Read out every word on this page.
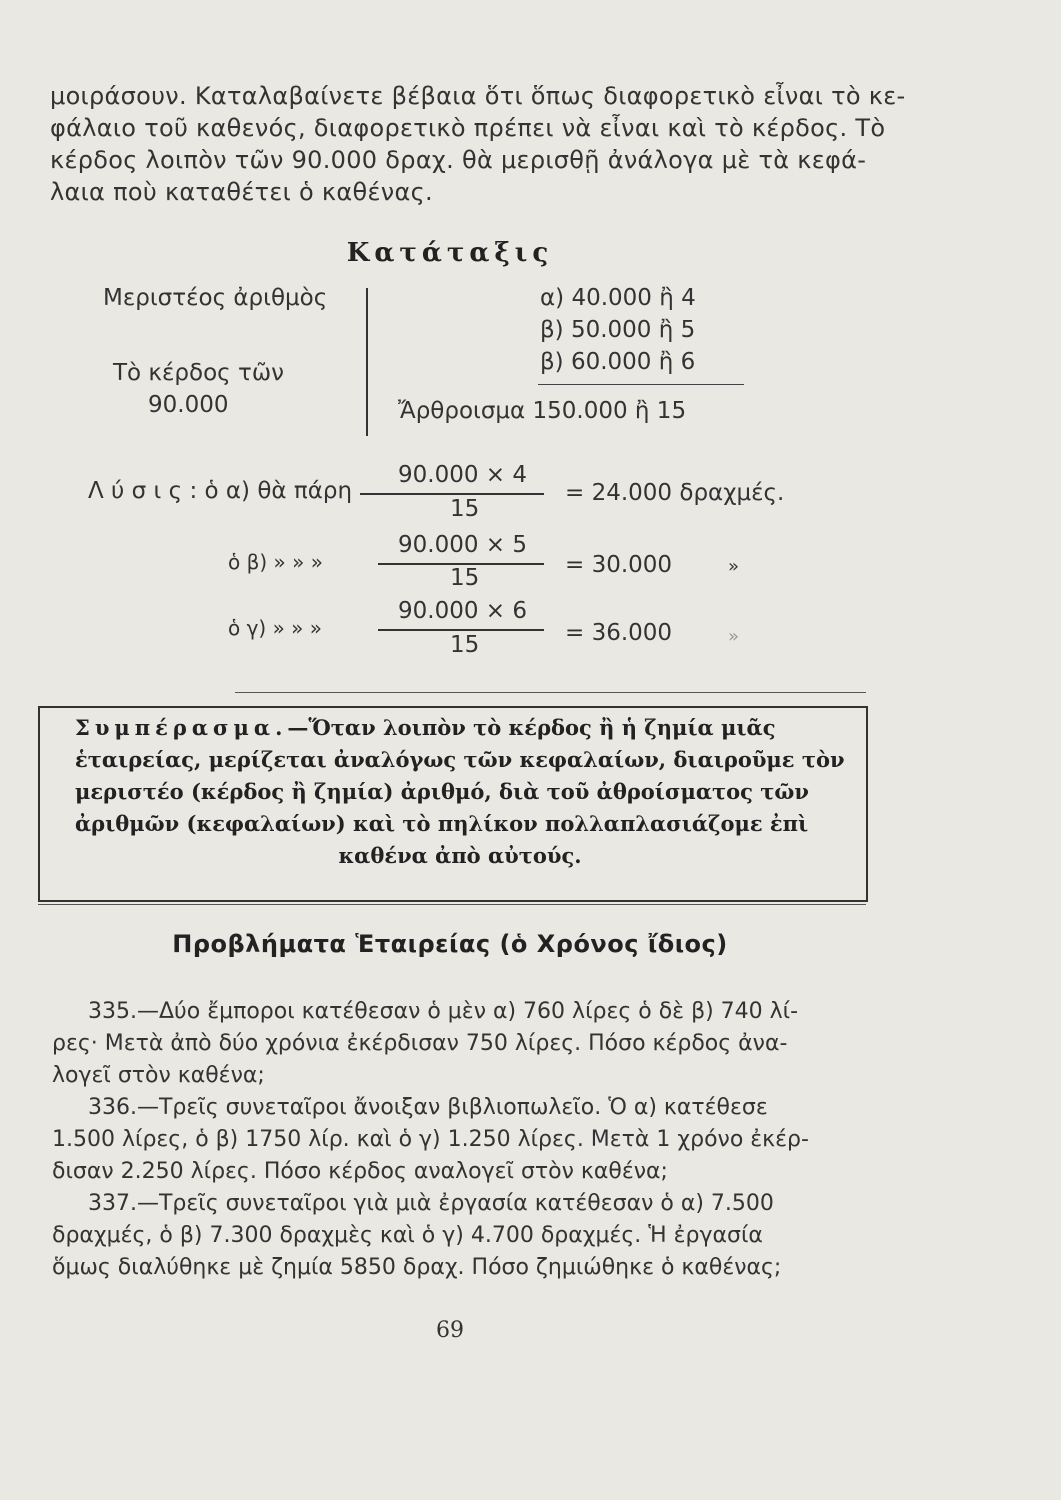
μοιράσουν. Καταλαβαίνετε βέβαια ὅτι ὅπως διαφορετικὸ εἶναι τὸ κε-
φάλαιο τοῦ καθενός, διαφορετικὸ πρέπει νὰ εἶναι καὶ τὸ κέρδος. Τὸ
κέρδος λοιπὸν τῶν 90.000 δραχ. θὰ μερισθῇ ἀνάλογα μὲ τὰ κεφά-
λαια ποὺ καταθέτει ὁ καθένας.
Κατάταξις
Μεριστέος ἀριθμὸς
Τὸ κέρδος τῶν
90.000
α) 40.000 ἢ 4
β) 50.000 ἢ 5
β) 60.000 ἢ 6
Ἄρθροισμα 150.000 ἢ 15
Λ ύ σ ι ς : ὁ α) θὰ πάρη
90.000 × 4
15
= 24.000 δραχμές.
ὁ β) » » »
90.000 × 5
15	= 30.000	»
ὁ γ) » » »
90.000 × 6
15	= 36.000	»
Συμπέρασμα.—Ὅταν λοιπὸν τὸ κέρδος ἢ ἡ ζημία μιᾶς
ἑταιρείας, μερίζεται ἀναλόγως τῶν κεφαλαίων, διαιροῦμε τὸν
μεριστέο (κέρδος ἢ ζημία) ἀριθμό, διὰ τοῦ ἀθροίσματος τῶν
ἀριθμῶν (κεφαλαίων) καὶ τὸ πηλίκον πολλαπλασιάζομε ἐπὶ
καθένα ἀπὸ αὐτούς.
Προβλήματα Ἑταιρείας (ὁ Χρόνος ἴδιος)
335.—Δύο ἔμποροι κατέθεσαν ὁ μὲν α) 760 λίρες ὁ δὲ β) 740 λί-
ρες· Μετὰ ἀπὸ δύο χρόνια ἐκέρδισαν 750 λίρες. Πόσο κέρδος ἀνα-
λογεῖ στὸν καθένα;
336.—Τρεῖς συνεταῖροι ἄνοιξαν βιβλιοπωλεῖο. Ὁ α) κατέθεσε
1.500 λίρες, ὁ β) 1750 λίρ. καὶ ὁ γ) 1.250 λίρες. Μετὰ 1 χρόνο ἐκέρ-
δισαν 2.250 λίρες. Πόσο κέρδος αναλογεῖ στὸν καθένα;
337.—Τρεῖς συνεταῖροι γιὰ μιὰ ἐργασία κατέθεσαν ὁ α) 7.500
δραχμές, ὁ β) 7.300 δραχμὲς καὶ ὁ γ) 4.700 δραχμές. Ἡ ἐργασία
ὅμως διαλύθηκε μὲ ζημία 5850 δραχ. Πόσο ζημιώθηκε ὁ καθένας;
69
